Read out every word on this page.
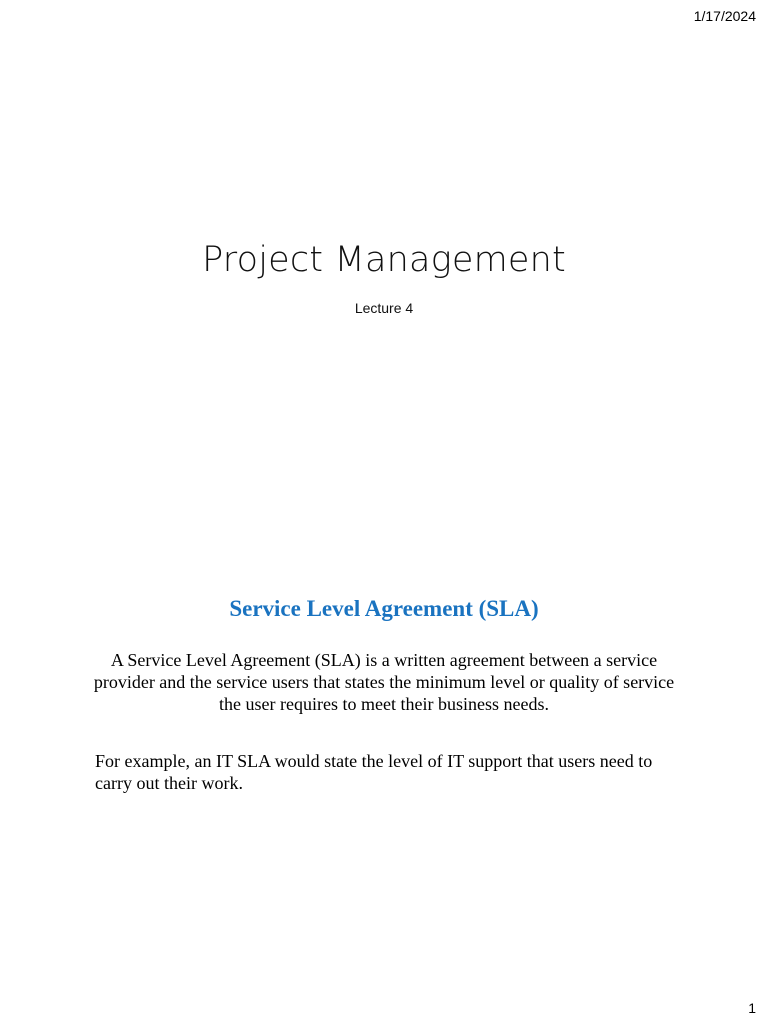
1/17/2024
Project Management
Lecture 4
Service Level Agreement (SLA)
A Service Level Agreement (SLA) is a written agreement between a service provider and the service users that states the minimum level or quality of service the user requires to meet their business needs.
For example, an IT SLA would state the level of IT support that users need to carry out their work.
1
